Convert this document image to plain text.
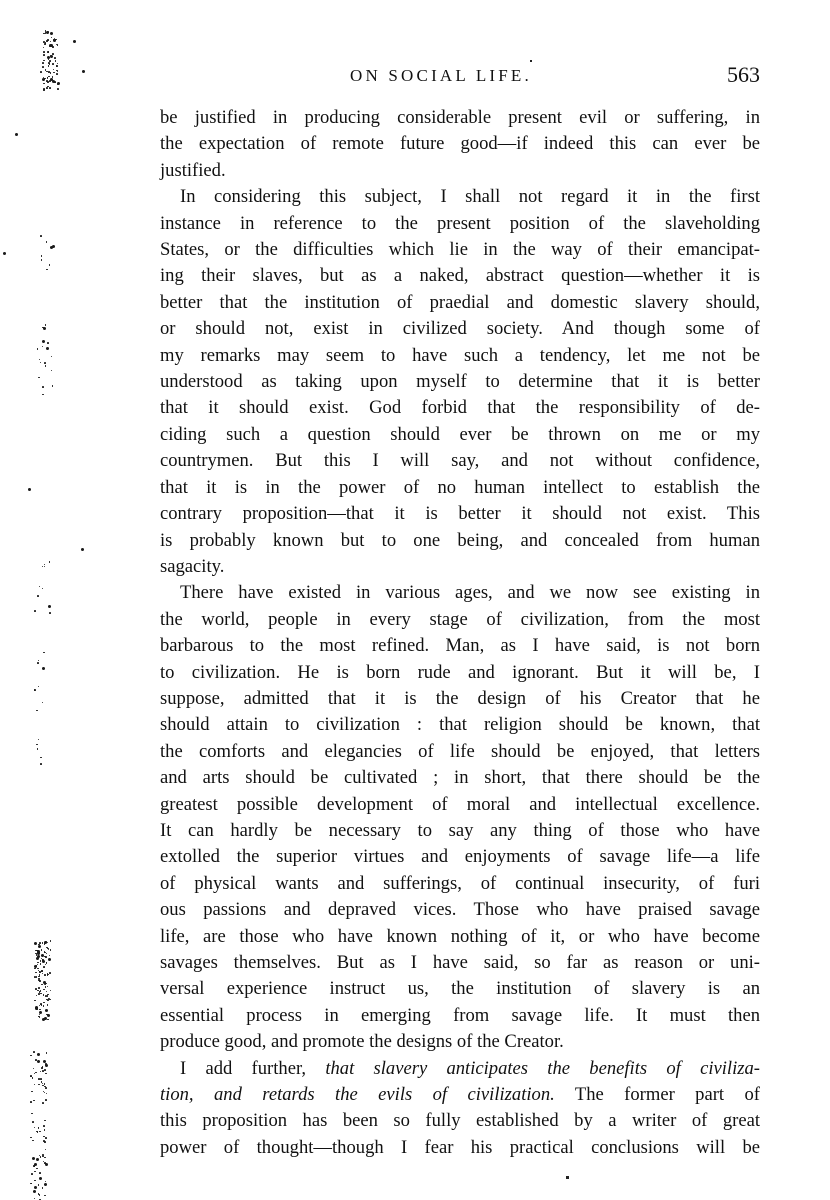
ON SOCIAL LIFE.	563
be justified in producing considerable present evil or suffering, in
the expectation of remote future good—if indeed this can ever be
justified.
In considering this subject, I shall not regard it in the first
instance in reference to the present position of the slaveholding
States, or the difficulties which lie in the way of their emancipat-
ing their slaves, but as a naked, abstract question—whether it is
better that the institution of praedial and domestic slavery should,
or should not, exist in civilized society. And though some of
my remarks may seem to have such a tendency, let me not be
understood as taking upon myself to determine that it is better
that it should exist. God forbid that the responsibility of de-
ciding such a question should ever be thrown on me or my
countrymen. But this I will say, and not without confidence,
that it is in the power of no human intellect to establish the
contrary proposition—that it is better it should not exist. This
is probably known but to one being, and concealed from human
sagacity.
There have existed in various ages, and we now see existing in
the world, people in every stage of civilization, from the most
barbarous to the most refined. Man, as I have said, is not born
to civilization. He is born rude and ignorant. But it will be, I
suppose, admitted that it is the design of his Creator that he
should attain to civilization : that religion should be known, that
the comforts and elegancies of life should be enjoyed, that letters
and arts should be cultivated ; in short, that there should be the
greatest possible development of moral and intellectual excellence.
It can hardly be necessary to say any thing of those who have
extolled the superior virtues and enjoyments of savage life—a life
of physical wants and sufferings, of continual insecurity, of furi
ous passions and depraved vices. Those who have praised savage
life, are those who have known nothing of it, or who have become
savages themselves. But as I have said, so far as reason or uni-
versal experience instruct us, the institution of slavery is an
essential process in emerging from savage life. It must then
produce good, and promote the designs of the Creator.
I add further, that slavery anticipates the benefits of civiliza-
tion, and retards the evils of civilization. The former part of
this proposition has been so fully established by a writer of great
power of thought—though I fear his practical conclusions will be
